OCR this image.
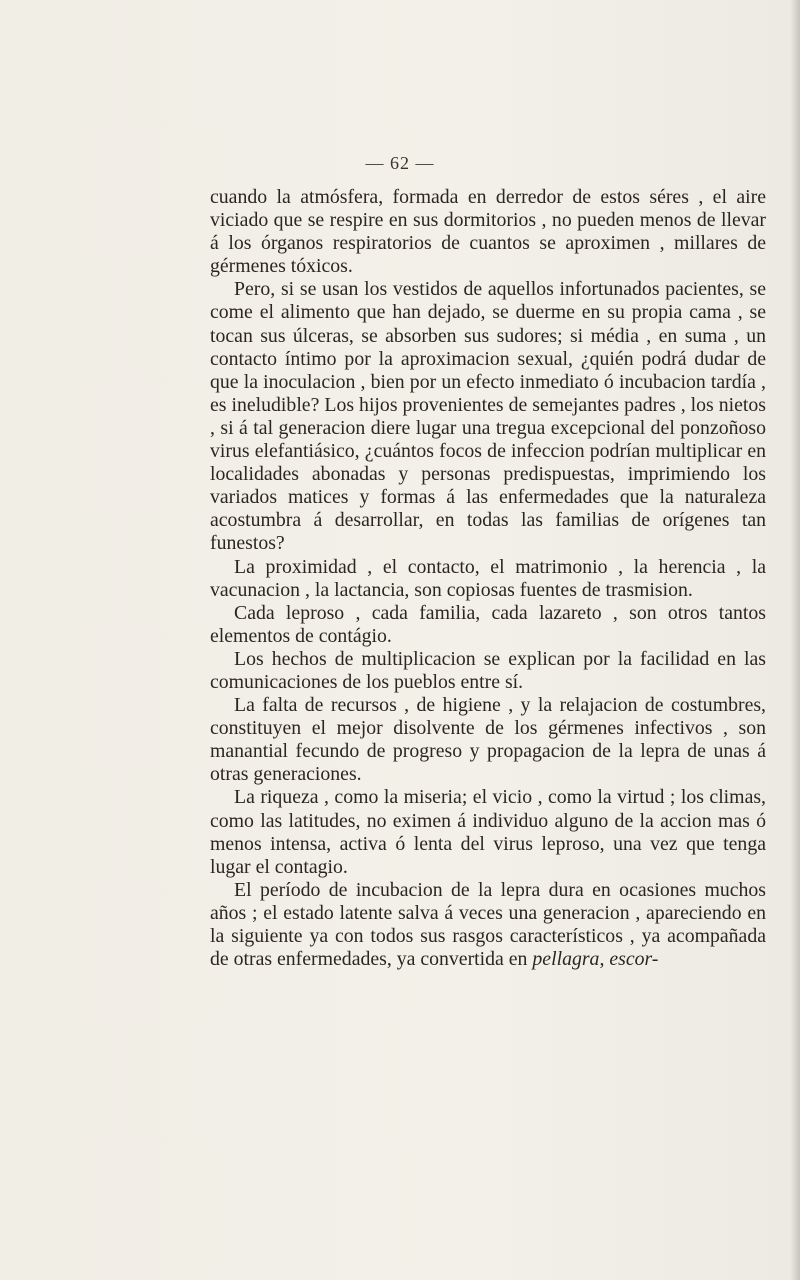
— 62 —

cuando la atmósfera, formada en derredor de estos séres , el aire viciado que se respire en sus dormitorios , no pueden menos de llevar á los órganos respiratorios de cuantos se aproximen , millares de gérmenes tóxicos.

Pero, si se usan los vestidos de aquellos infortunados pacientes, se come el alimento que han dejado, se duerme en su propia cama , se tocan sus úlceras, se absorben sus sudores; si média , en suma , un contacto íntimo por la aproximacion sexual, ¿quién podrá dudar de que la inoculacion , bien por un efecto inmediato ó incubacion tardía , es ineludible? Los hijos provenientes de semejantes padres , los nietos , si á tal generacion diere lugar una tregua excepcional del ponzoñoso virus elefantiásico, ¿cuántos focos de infeccion podrían multiplicar en localidades abonadas y personas predispuestas, imprimiendo los variados matices y formas á las enfermedades que la naturaleza acostumbra á desarrollar, en todas las familias de orígenes tan funestos?

La proximidad , el contacto, el matrimonio , la herencia , la vacunacion , la lactancia, son copiosas fuentes de trasmision.

Cada leproso , cada familia, cada lazareto , son otros tantos elementos de contágio.

Los hechos de multiplicacion se explican por la facilidad en las comunicaciones de los pueblos entre sí.

La falta de recursos , de higiene , y la relajacion de costumbres, constituyen el mejor disolvente de los gérmenes infectivos , son manantial fecundo de progreso y propagacion de la lepra de unas á otras generaciones.

La riqueza , como la miseria; el vicio , como la virtud ; los climas, como las latitudes, no eximen á individuo alguno de la accion mas ó menos intensa, activa ó lenta del virus leproso, una vez que tenga lugar el contagio.

El período de incubacion de la lepra dura en ocasiones muchos años ; el estado latente salva á veces una generacion , apareciendo en la siguiente ya con todos sus rasgos característicos , ya acompañada de otras enfermedades, ya convertida en pellagra, escor-
